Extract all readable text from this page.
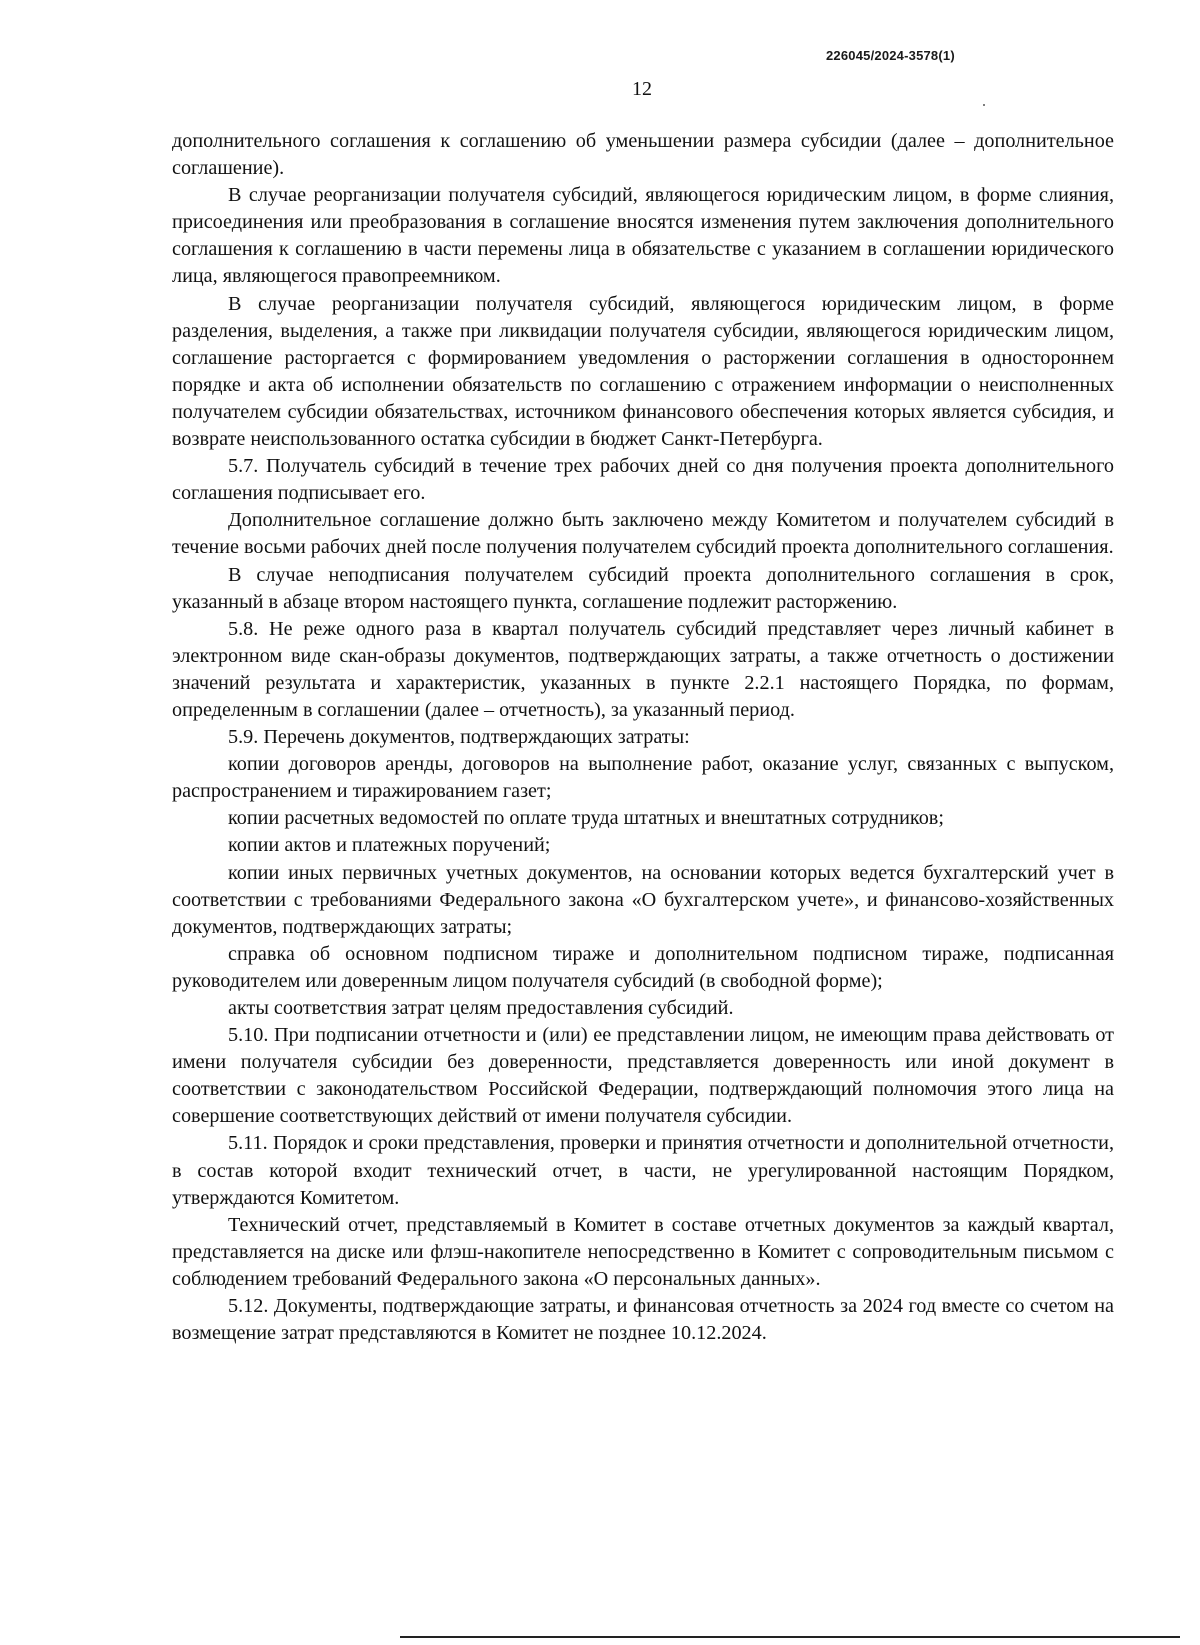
226045/2024-3578(1)
12

дополнительного соглашения к соглашению об уменьшении размера субсидии (далее – дополнительное соглашение).

В случае реорганизации получателя субсидий, являющегося юридическим лицом, в форме слияния, присоединения или преобразования в соглашение вносятся изменения путем заключения дополнительного соглашения к соглашению в части перемены лица в обязательстве с указанием в соглашении юридического лица, являющегося правопреемником.

В случае реорганизации получателя субсидий, являющегося юридическим лицом, в форме разделения, выделения, а также при ликвидации получателя субсидии, являющегося юридическим лицом, соглашение расторгается с формированием уведомления о расторжении соглашения в одностороннем порядке и акта об исполнении обязательств по соглашению с отражением информации о неисполненных получателем субсидии обязательствах, источником финансового обеспечения которых является субсидия, и возврате неиспользованного остатка субсидии в бюджет Санкт-Петербурга.

5.7. Получатель субсидий в течение трех рабочих дней со дня получения проекта дополнительного соглашения подписывает его.

Дополнительное соглашение должно быть заключено между Комитетом и получателем субсидий в течение восьми рабочих дней после получения получателем субсидий проекта дополнительного соглашения.

В случае неподписания получателем субсидий проекта дополнительного соглашения в срок, указанный в абзаце втором настоящего пункта, соглашение подлежит расторжению.

5.8. Не реже одного раза в квартал получатель субсидий представляет через личный кабинет в электронном виде скан-образы документов, подтверждающих затраты, а также отчетность о достижении значений результата и характеристик, указанных в пункте 2.2.1 настоящего Порядка, по формам, определенным в соглашении (далее – отчетность), за указанный период.

5.9. Перечень документов, подтверждающих затраты:

копии договоров аренды, договоров на выполнение работ, оказание услуг, связанных с выпуском, распространением и тиражированием газет;

копии расчетных ведомостей по оплате труда штатных и внештатных сотрудников;

копии актов и платежных поручений;

копии иных первичных учетных документов, на основании которых ведется бухгалтерский учет в соответствии с требованиями Федерального закона «О бухгалтерском учете», и финансово-хозяйственных документов, подтверждающих затраты;

справка об основном подписном тираже и дополнительном подписном тираже, подписанная руководителем или доверенным лицом получателя субсидий (в свободной форме);

акты соответствия затрат целям предоставления субсидий.

5.10. При подписании отчетности и (или) ее представлении лицом, не имеющим права действовать от имени получателя субсидии без доверенности, представляется доверенность или иной документ в соответствии с законодательством Российской Федерации, подтверждающий полномочия этого лица на совершение соответствующих действий от имени получателя субсидии.

5.11. Порядок и сроки представления, проверки и принятия отчетности и дополнительной отчетности, в состав которой входит технический отчет, в части, не урегулированной настоящим Порядком, утверждаются Комитетом.

Технический отчет, представляемый в Комитет в составе отчетных документов за каждый квартал, представляется на диске или флэш-накопителе непосредственно в Комитет с сопроводительным письмом с соблюдением требований Федерального закона «О персональных данных».

5.12. Документы, подтверждающие затраты, и финансовая отчетность за 2024 год вместе со счетом на возмещение затрат представляются в Комитет не позднее 10.12.2024.
